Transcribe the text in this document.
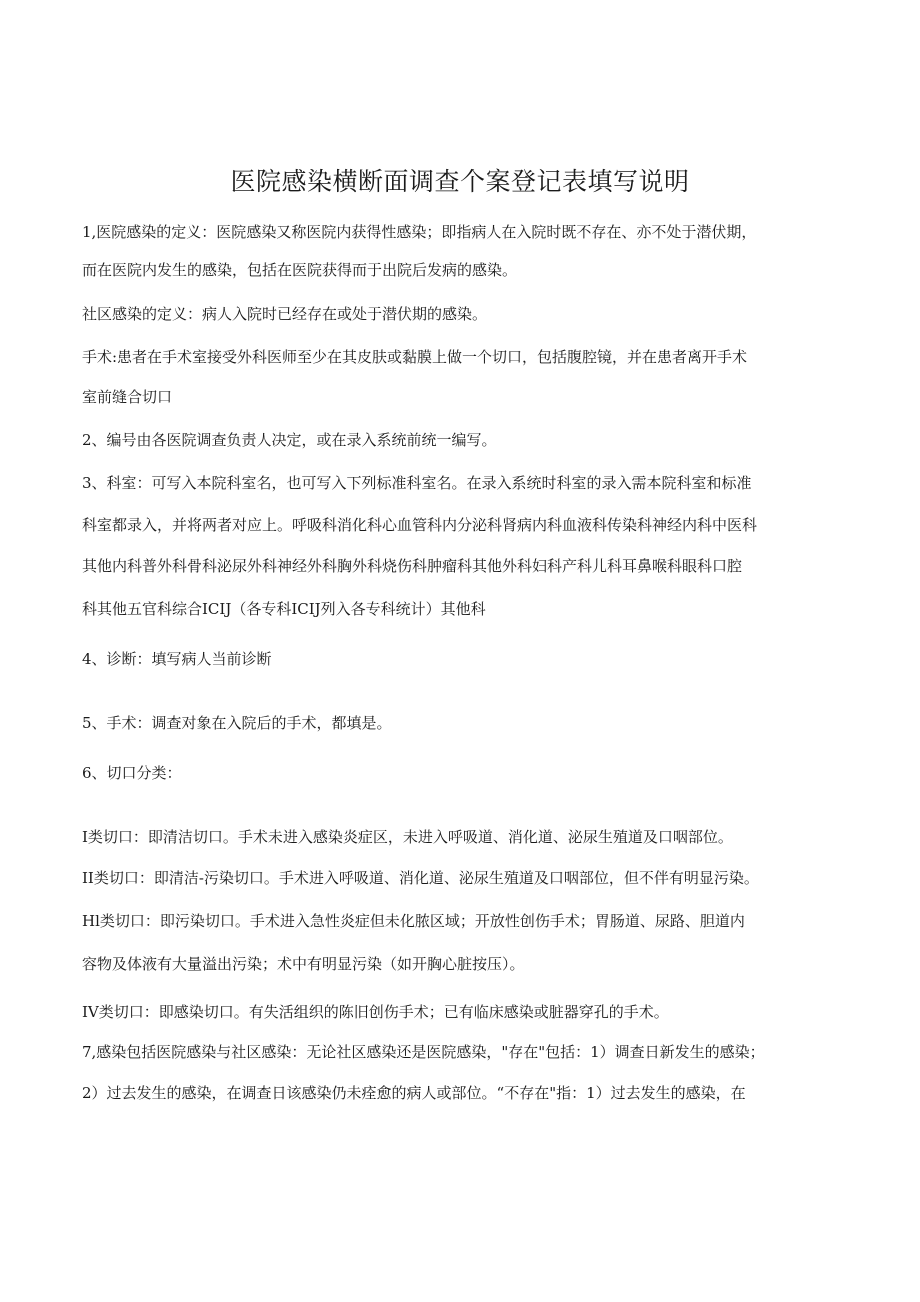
医院感染横断面调查个案登记表填写说明
1,医院感染的定义：医院感染又称医院内获得性感染；即指病人在入院时既不存在、亦不处于潜伏期，
而在医院内发生的感染，包括在医院获得而于出院后发病的感染。
社区感染的定义：病人入院时已经存在或处于潜伏期的感染。
手术:患者在手术室接受外科医师至少在其皮肤或黏膜上做一个切口，包括腹腔镜，并在患者离开手术
室前缝合切口
2、编号由各医院调查负责人决定，或在录入系统前统一编写。
3、科室：可写入本院科室名，也可写入下列标准科室名。在录入系统时科室的录入需本院科室和标准
科室都录入，并将两者对应上。呼吸科消化科心血管科内分泌科肾病内科血液科传染科神经内科中医科
其他内科普外科骨科泌尿外科神经外科胸外科烧伤科肿瘤科其他外科妇科产科儿科耳鼻喉科眼科口腔
科其他五官科综合ICIJ（各专科ICIJ列入各专科统计）其他科
4、诊断：填写病人当前诊断
5、手术：调查对象在入院后的手术，都填是。
6、切口分类：
I类切口：即清洁切口。手术未进入感染炎症区，未进入呼吸道、消化道、泌尿生殖道及口咽部位。
II类切口：即清洁-污染切口。手术进入呼吸道、消化道、泌尿生殖道及口咽部位，但不伴有明显污染。
Hl类切口：即污染切口。手术进入急性炎症但未化脓区域；开放性创伤手术；胃肠道、尿路、胆道内
容物及体液有大量溢出污染；术中有明显污染（如开胸心脏按压）。
IV类切口：即感染切口。有失活组织的陈旧创伤手术；已有临床感染或脏器穿孔的手术。
7,感染包括医院感染与社区感染：无论社区感染还是医院感染，"存在"包括：1）调查日新发生的感染；
2）过去发生的感染，在调查日该感染仍未痊愈的病人或部位。“不存在"指：1）过去发生的感染，在
